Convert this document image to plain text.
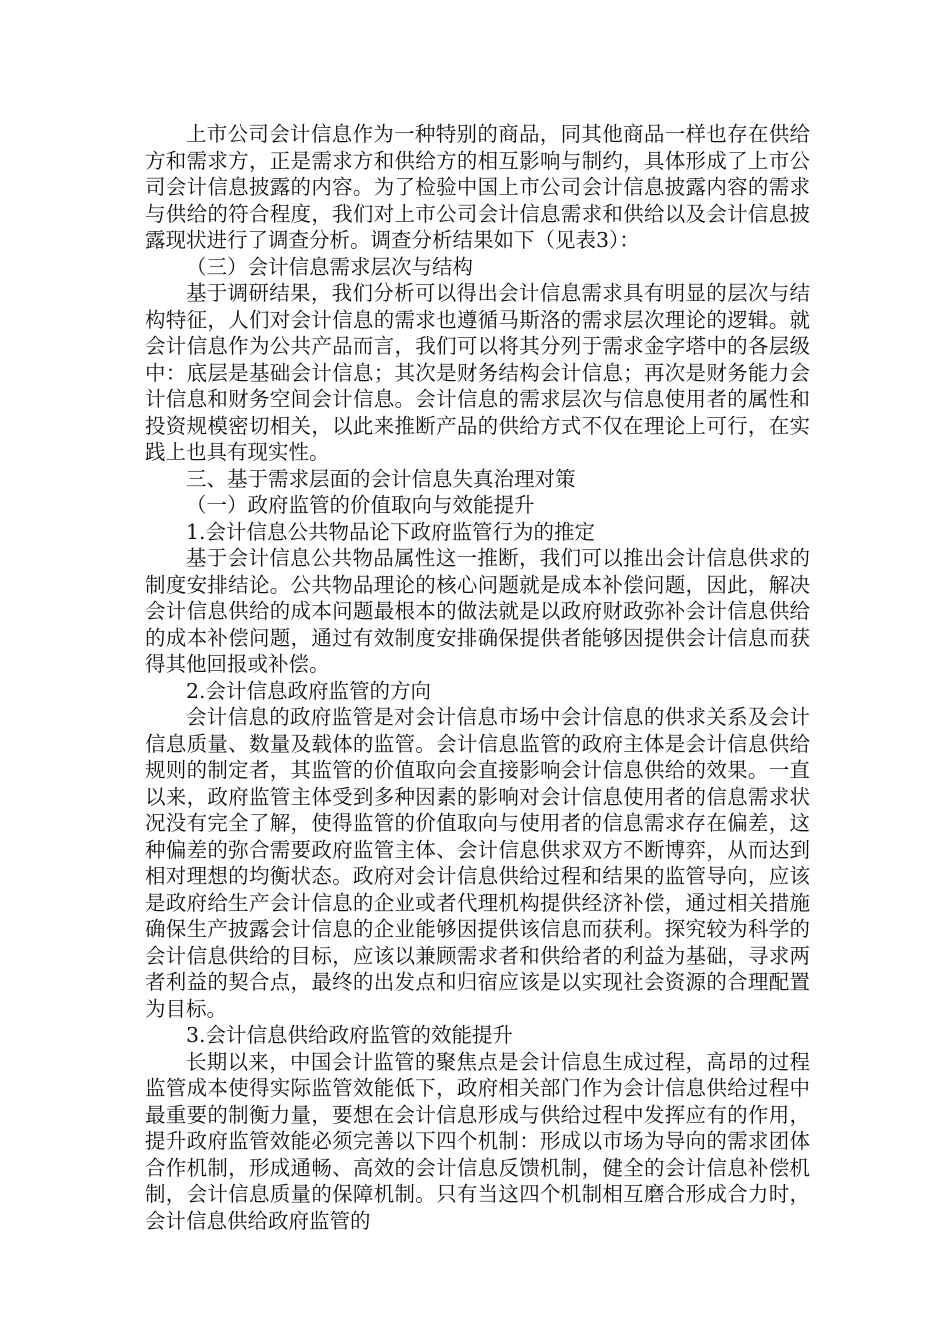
上市公司会计信息作为一种特别的商品，同其他商品一样也存在供给方和需求方，正是需求方和供给方的相互影响与制约，具体形成了上市公司会计信息披露的内容。为了检验中国上市公司会计信息披露内容的需求与供给的符合程度，我们对上市公司会计信息需求和供给以及会计信息披露现状进行了调查分析。调查分析结果如下（见表3）：

（三）会计信息需求层次与结构

基于调研结果，我们分析可以得出会计信息需求具有明显的层次与结构特征，人们对会计信息的需求也遵循马斯洛的需求层次理论的逻辑。就会计信息作为公共产品而言，我们可以将其分列于需求金字塔中的各层级中：底层是基础会计信息；其次是财务结构会计信息；再次是财务能力会计信息和财务空间会计信息。会计信息的需求层次与信息使用者的属性和投资规模密切相关，以此来推断产品的供给方式不仅在理论上可行，在实践上也具有现实性。

三、基于需求层面的会计信息失真治理对策

（一）政府监管的价值取向与效能提升

1.会计信息公共物品论下政府监管行为的推定

基于会计信息公共物品属性这一推断，我们可以推出会计信息供求的制度安排结论。公共物品理论的核心问题就是成本补偿问题，因此，解决会计信息供给的成本问题最根本的做法就是以政府财政弥补会计信息供给的成本补偿问题，通过有效制度安排确保提供者能够因提供会计信息而获得其他回报或补偿。

2.会计信息政府监管的方向

会计信息的政府监管是对会计信息市场中会计信息的供求关系及会计信息质量、数量及载体的监管。会计信息监管的政府主体是会计信息供给规则的制定者，其监管的价值取向会直接影响会计信息供给的效果。一直以来，政府监管主体受到多种因素的影响对会计信息使用者的信息需求状况没有完全了解，使得监管的价值取向与使用者的信息需求存在偏差，这种偏差的弥合需要政府监管主体、会计信息供求双方不断博弈，从而达到相对理想的均衡状态。政府对会计信息供给过程和结果的监管导向，应该是政府给生产会计信息的企业或者代理机构提供经济补偿，通过相关措施确保生产披露会计信息的企业能够因提供该信息而获利。探究较为科学的会计信息供给的目标，应该以兼顾需求者和供给者的利益为基础，寻求两者利益的契合点，最终的出发点和归宿应该是以实现社会资源的合理配置为目标。

3.会计信息供给政府监管的效能提升

长期以来，中国会计监管的聚焦点是会计信息生成过程，高昂的过程监管成本使得实际监管效能低下，政府相关部门作为会计信息供给过程中最重要的制衡力量，要想在会计信息形成与供给过程中发挥应有的作用，提升政府监管效能必须完善以下四个机制：形成以市场为导向的需求团体合作机制，形成通畅、高效的会计信息反馈机制，健全的会计信息补偿机制，会计信息质量的保障机制。只有当这四个机制相互磨合形成合力时，会计信息供给政府监管的
